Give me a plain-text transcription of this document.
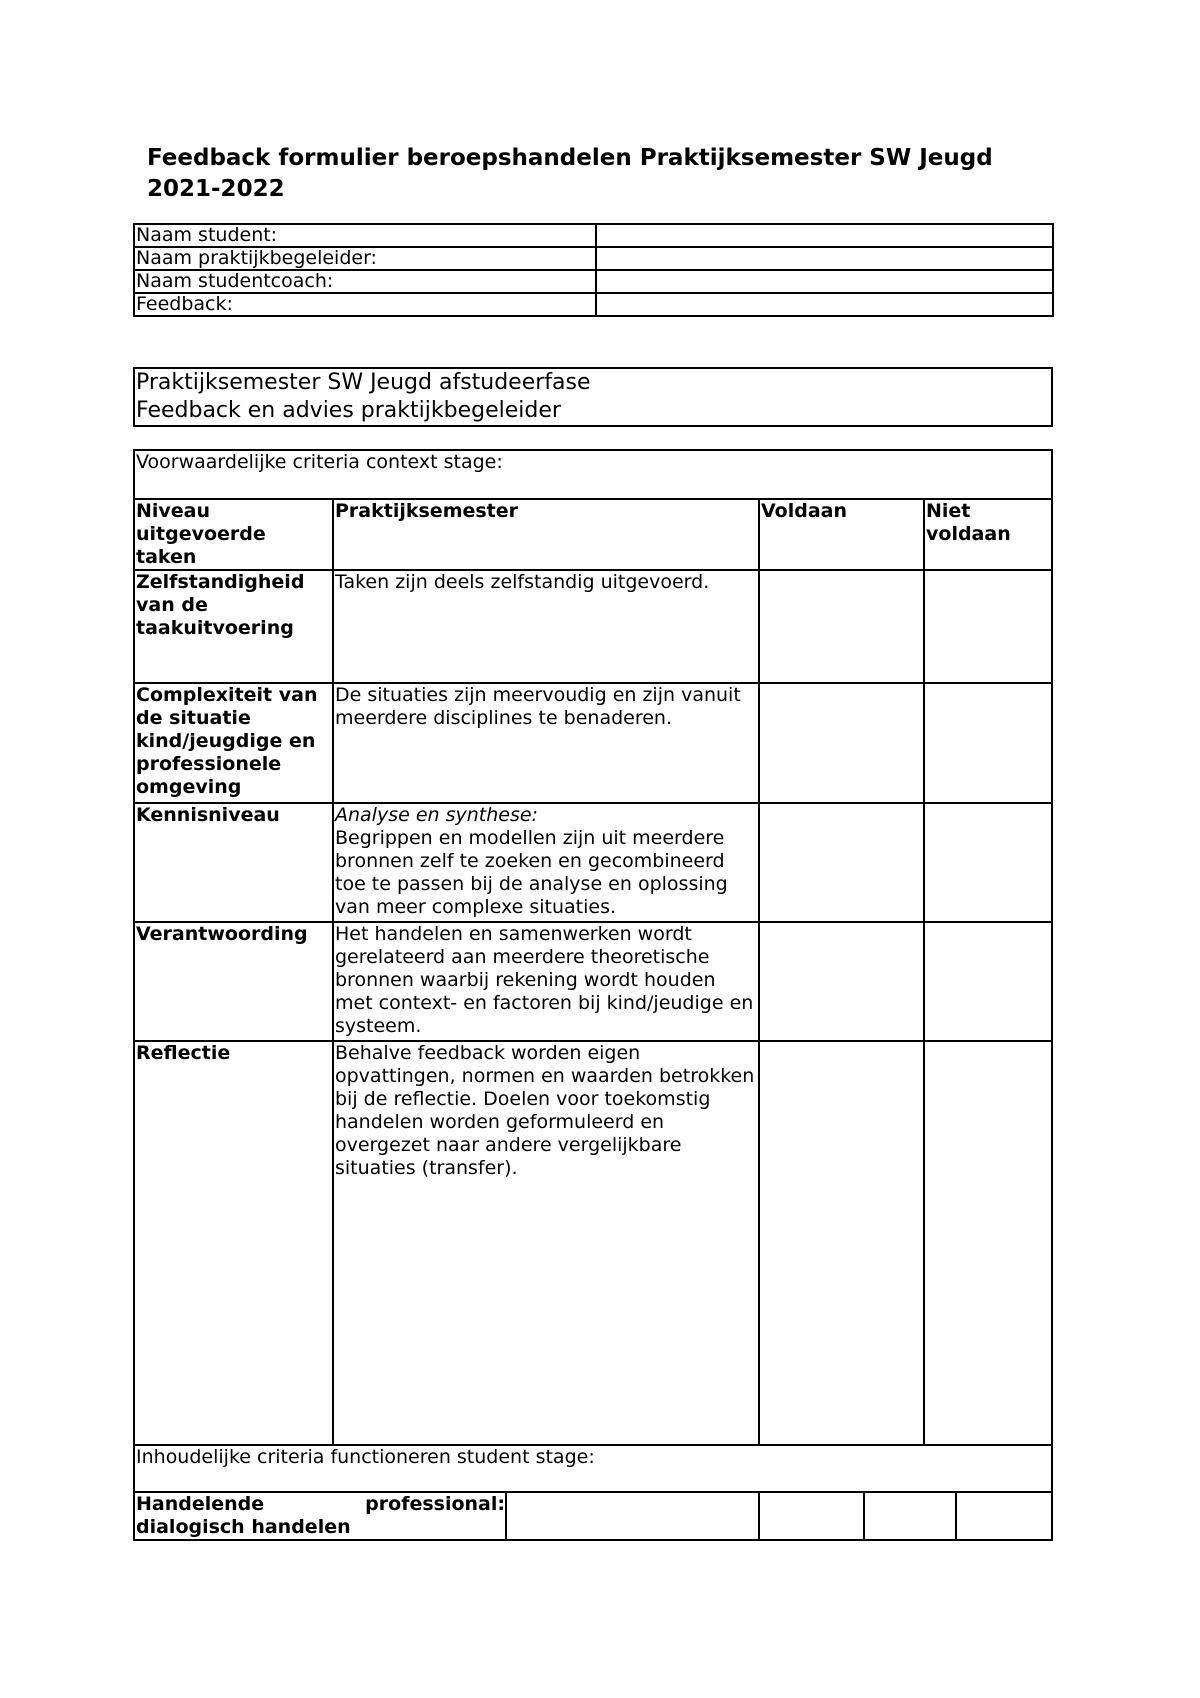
Feedback formulier beroepshandelen Praktijksemester SW Jeugd 2021-2022
Naam student:	
Naam praktijkbegeleider:	
Naam studentcoach:	
Feedback:	
Praktijksemester SW Jeugd afstudeerfase
Feedback en advies praktijkbegeleider
Voorwaardelijke criteria context stage:					
Niveau uitgevoerde taken	Praktijksemester	Voldaan		Niet voldaan	
Zelfstandigheid van de taakuitvoering	Taken zijn deels zelfstandig uitgevoerd.				
Complexiteit van de situatie kind/jeugdige en professionele omgeving	De situaties zijn meervoudig en zijn vanuit meerdere disciplines te benaderen.				
Kennisniveau	Analyse en synthese:
Begrippen en modellen zijn uit meerdere bronnen zelf te zoeken en gecombineerd toe te passen bij de analyse en oplossing van meer complexe situaties.				

Verantwoording	Het handelen en samenwerken wordt gerelateerd aan meerdere theoretische bronnen waarbij rekening wordt houden met context- en factoren bij kind/jeudige en systeem.				
Reflectie	Behalve feedback worden eigen opvattingen, normen en waarden betrokken bij de reflectie. Doelen voor toekomstig handelen worden geformuleerd en overgezet naar andere vergelijkbare situaties (transfer).				
Inhoudelijke criteria functioneren student stage:					

Handelende professional: dialogisch handelen					
